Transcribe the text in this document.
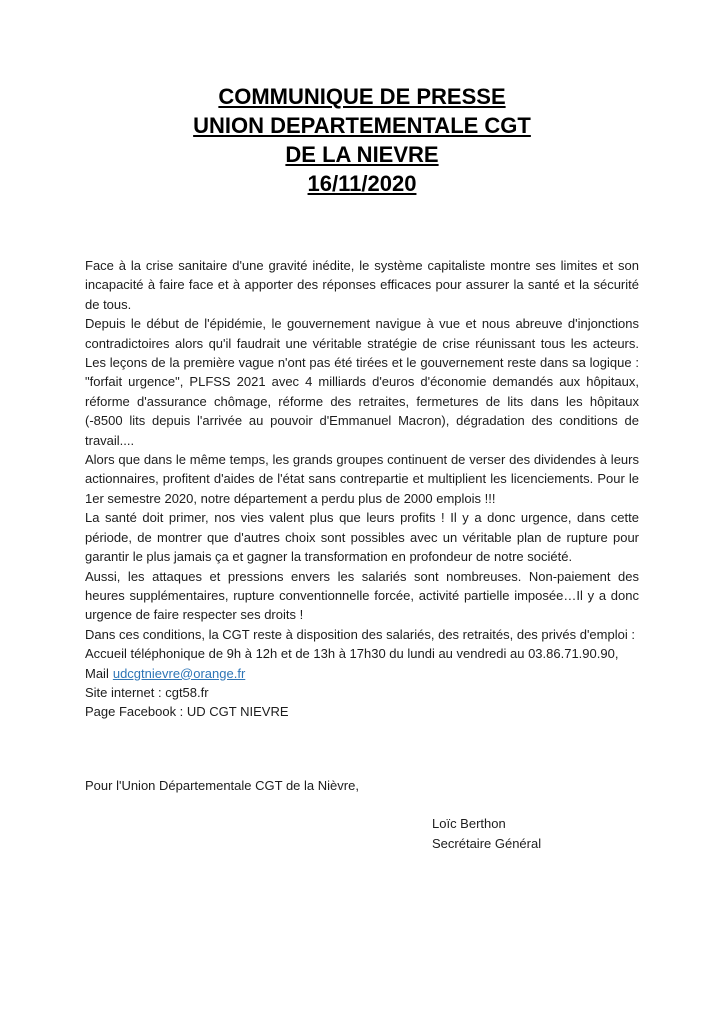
COMMUNIQUE DE PRESSE
UNION DEPARTEMENTALE CGT
DE LA NIEVRE
16/11/2020

Face à la crise sanitaire d'une gravité inédite, le système capitaliste montre ses limites et son incapacité à faire face et à apporter des réponses efficaces pour assurer la santé et la sécurité de tous.

Depuis le début de l'épidémie, le gouvernement navigue à vue et nous abreuve d'injonctions contradictoires alors qu'il faudrait une véritable stratégie de crise réunissant tous les acteurs. Les leçons de la première vague n'ont pas été tirées et le gouvernement reste dans sa logique : "forfait urgence", PLFSS 2021 avec 4 milliards d'euros d'économie demandés aux hôpitaux, réforme d'assurance chômage, réforme des retraites, fermetures de lits dans les hôpitaux (-8500 lits depuis l'arrivée au pouvoir d'Emmanuel Macron), dégradation des conditions de travail....

Alors que dans le même temps, les grands groupes continuent de verser des dividendes à leurs actionnaires, profitent d'aides de l'état sans contrepartie et multiplient les licenciements. Pour le 1er semestre 2020, notre département a perdu plus de 2000 emplois !!!

La santé doit primer, nos vies valent plus que leurs profits ! Il y a donc urgence, dans cette période, de montrer que d'autres choix sont possibles avec un véritable plan de rupture pour garantir le plus jamais ça et gagner la transformation en profondeur de notre société.

Aussi, les attaques et pressions envers les salariés sont nombreuses. Non-paiement des heures supplémentaires, rupture conventionnelle forcée, activité partielle imposée…Il y a donc urgence de faire respecter ses droits !

Dans ces conditions, la CGT reste à disposition des salariés, des retraités, des privés d'emploi :

Accueil téléphonique de 9h à 12h et de 13h à 17h30 du lundi au vendredi au 03.86.71.90.90,

Mail udcgtnievre@orange.fr

Site internet : cgt58.fr

Page Facebook : UD CGT NIEVRE

Pour l'Union Départementale CGT de la Nièvre,

Loïc Berthon

Secrétaire Général
